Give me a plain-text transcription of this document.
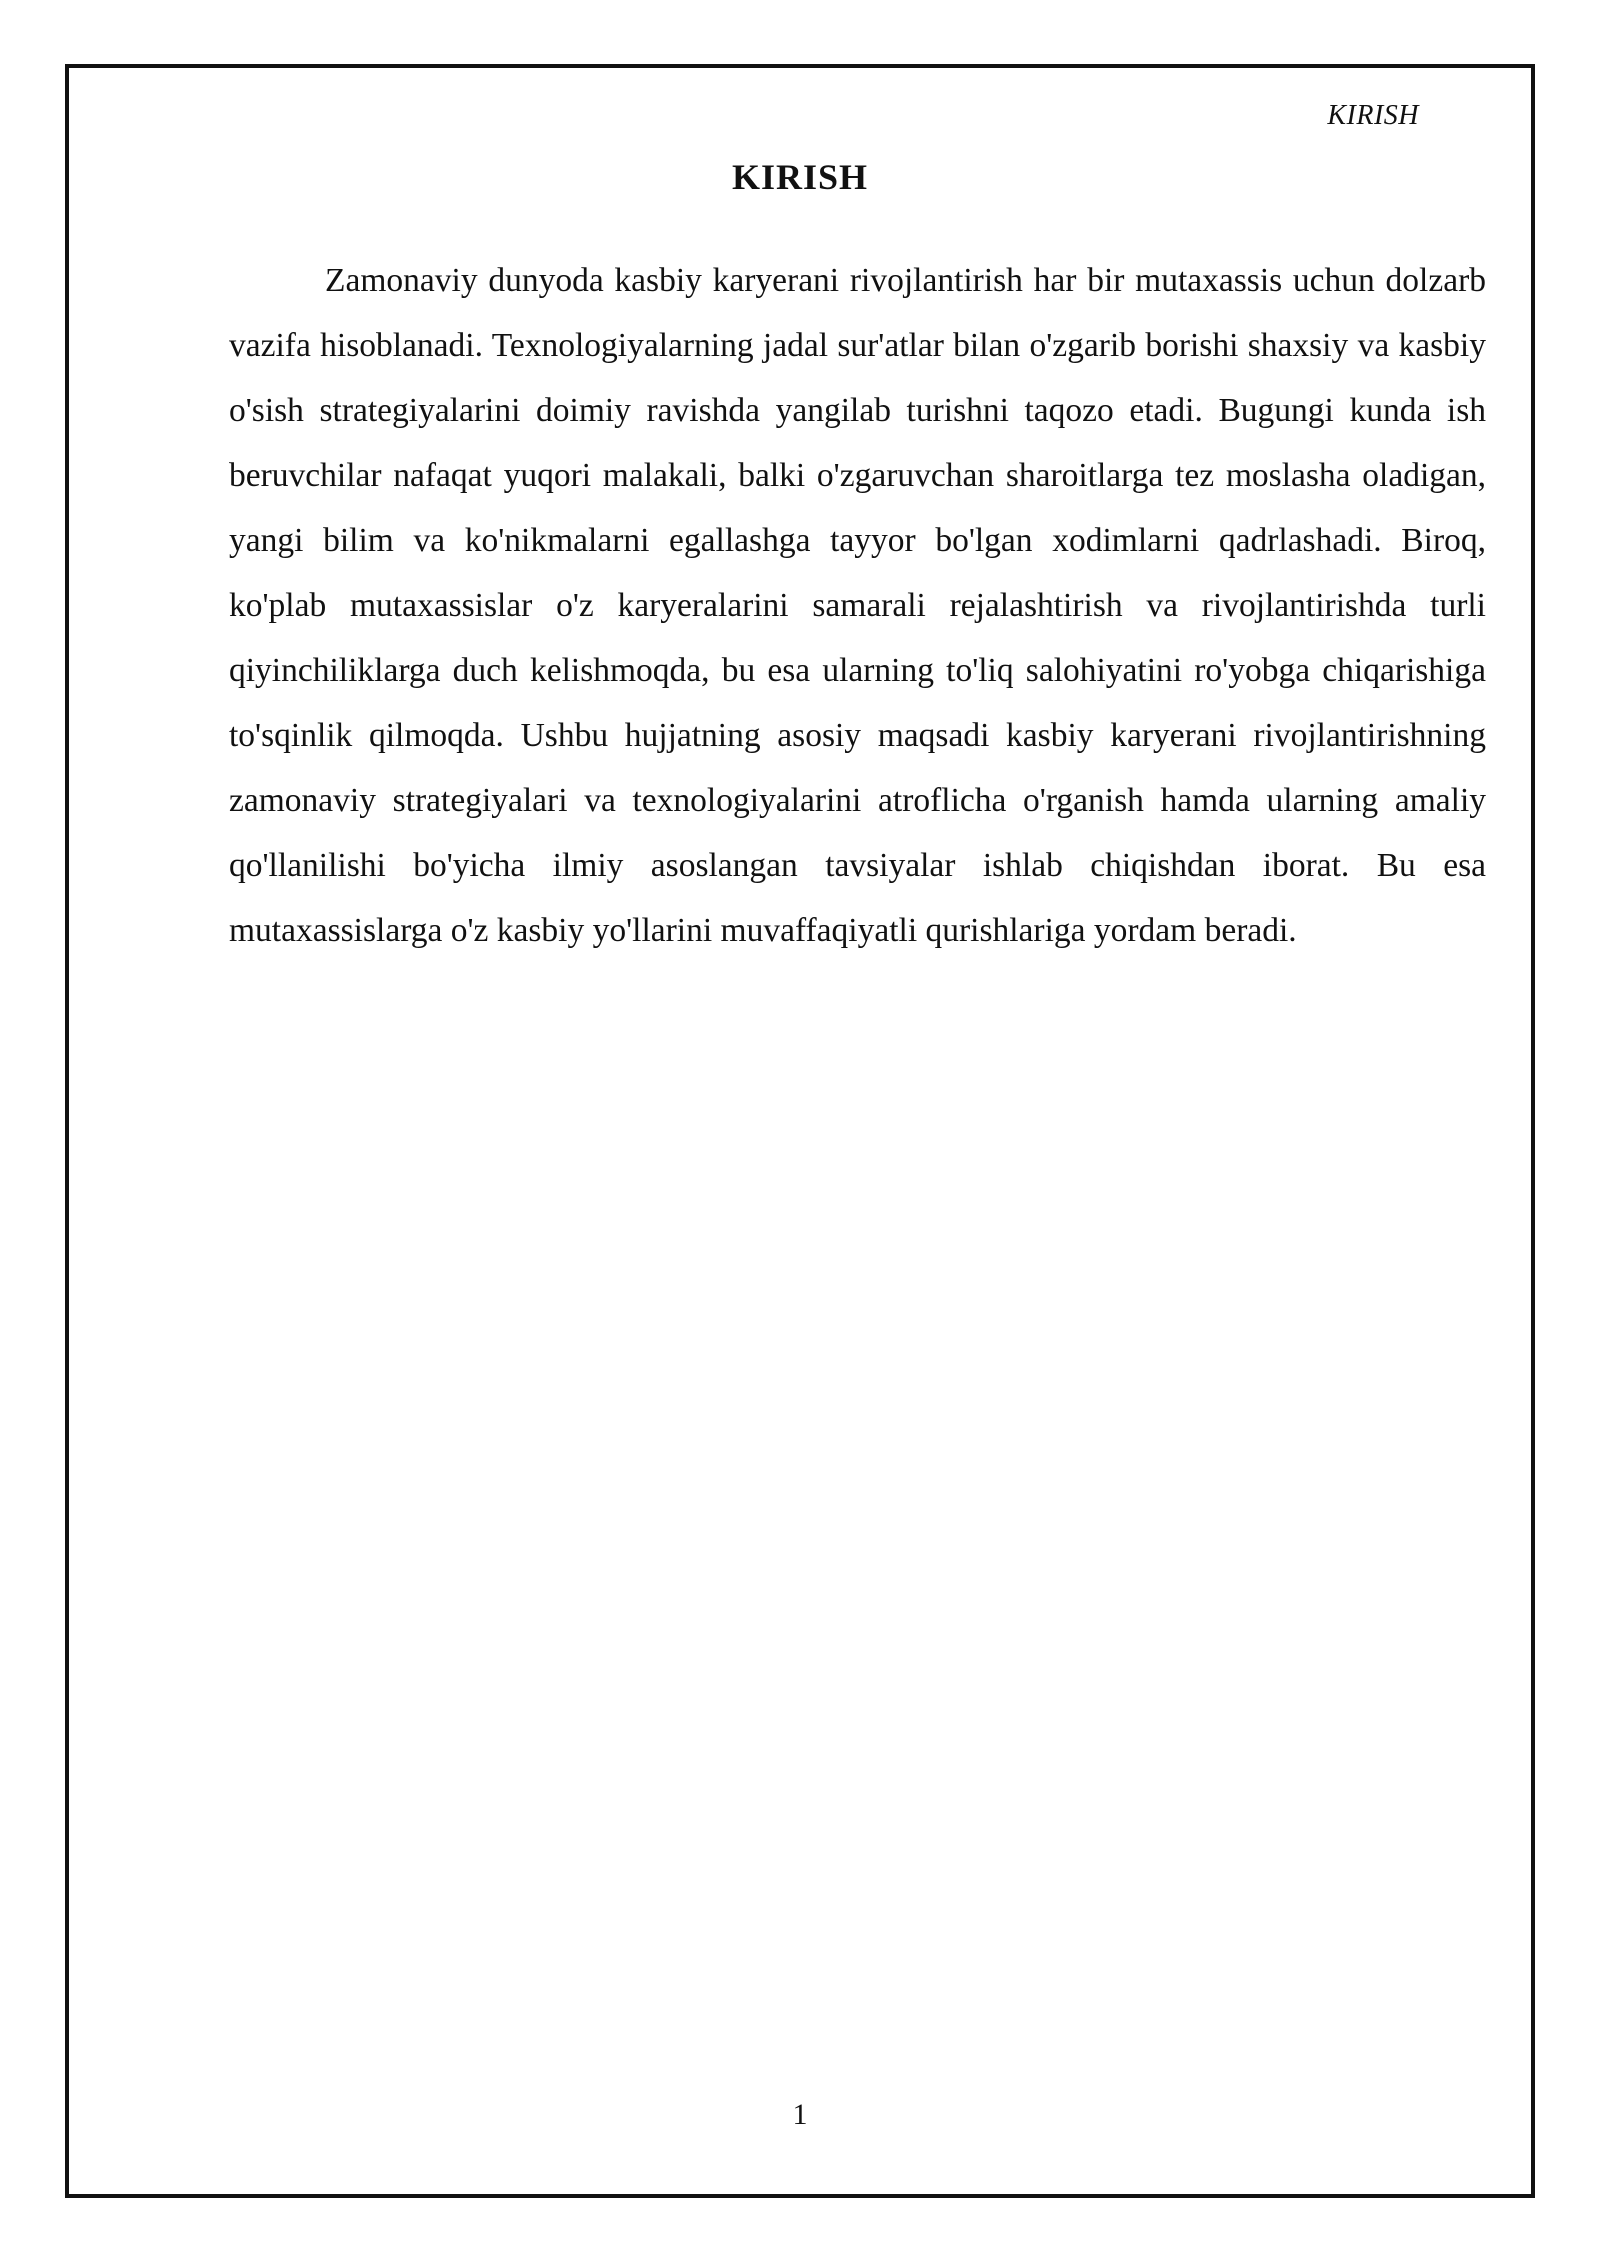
KIRISH
KIRISH

Zamonaviy dunyoda kasbiy karyerani rivojlantirish har bir mutaxassis uchun dolzarb vazifa hisoblanadi. Texnologiyalarning jadal sur'atlar bilan o'zgarib borishi shaxsiy va kasbiy o'sish strategiyalarini doimiy ravishda yangilab turishni taqozo etadi. Bugungi kunda ish beruvchilar nafaqat yuqori malakali, balki o'zgaruvchan sharoitlarga tez moslasha oladigan, yangi bilim va ko'nikmalarni egallashga tayyor bo'lgan xodimlarni qadrlashadi. Biroq, ko'plab mutaxassislar o'z karyeralarini samarali rejalashtirish va rivojlantirishda turli qiyinchiliklarga duch kelishmoqda, bu esa ularning to'liq salohiyatini ro'yobga chiqarishiga to'sqinlik qilmoqda. Ushbu hujjatning asosiy maqsadi kasbiy karyerani rivojlantirishning zamonaviy strategiyalari va texnologiyalarini atroflicha o'rganish hamda ularning amaliy qo'llanilishi bo'yicha ilmiy asoslangan tavsiyalar ishlab chiqishdan iborat. Bu esa mutaxassislarga o'z kasbiy yo'llarini muvaffaqiyatli qurishlariga yordam beradi.

1
